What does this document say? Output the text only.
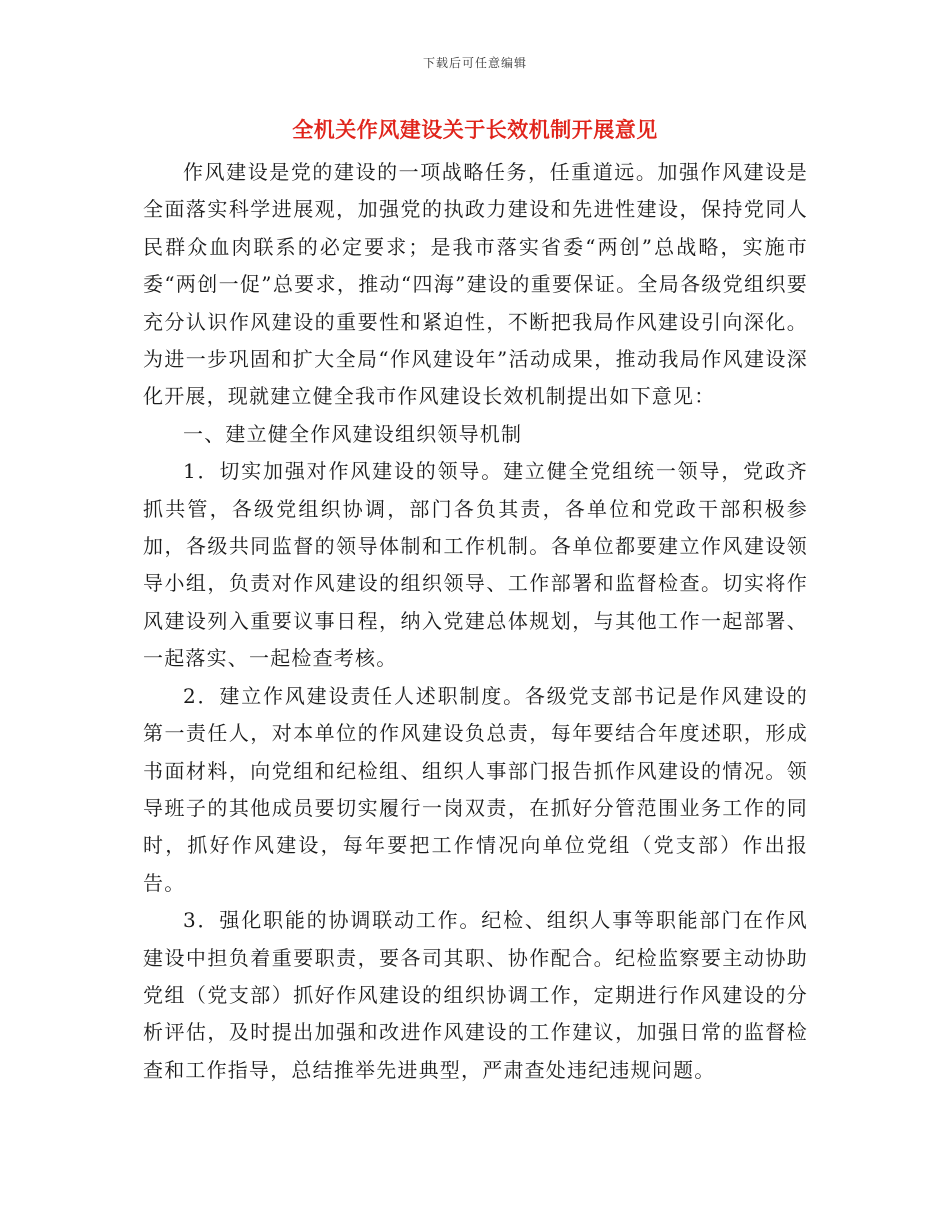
下载后可任意编辑
全机关作风建设关于长效机制开展意见

作风建设是党的建设的一项战略任务，任重道远。加强作风建设是全面落实科学进展观，加强党的执政力建设和先进性建设，保持党同人民群众血肉联系的必定要求；是我市落实省委“两创”总战略，实施市委“两创一促”总要求，推动“四海”建设的重要保证。全局各级党组织要充分认识作风建设的重要性和紧迫性，不断把我局作风建设引向深化。为进一步巩固和扩大全局“作风建设年”活动成果，推动我局作风建设深化开展，现就建立健全我市作风建设长效机制提出如下意见：

一、建立健全作风建设组织领导机制

1．切实加强对作风建设的领导。建立健全党组统一领导，党政齐抓共管，各级党组织协调，部门各负其责，各单位和党政干部积极参加，各级共同监督的领导体制和工作机制。各单位都要建立作风建设领导小组，负责对作风建设的组织领导、工作部署和监督检查。切实将作风建设列入重要议事日程，纳入党建总体规划，与其他工作一起部署、一起落实、一起检查考核。

2．建立作风建设责任人述职制度。各级党支部书记是作风建设的第一责任人，对本单位的作风建设负总责，每年要结合年度述职，形成书面材料，向党组和纪检组、组织人事部门报告抓作风建设的情况。领导班子的其他成员要切实履行一岗双责，在抓好分管范围业务工作的同时，抓好作风建设，每年要把工作情况向单位党组（党支部）作出报告。

3．强化职能的协调联动工作。纪检、组织人事等职能部门在作风建设中担负着重要职责，要各司其职、协作配合。纪检监察要主动协助党组（党支部）抓好作风建设的组织协调工作，定期进行作风建设的分析评估，及时提出加强和改进作风建设的工作建议，加强日常的监督检查和工作指导，总结推举先进典型，严肃查处违纪违规问题。
